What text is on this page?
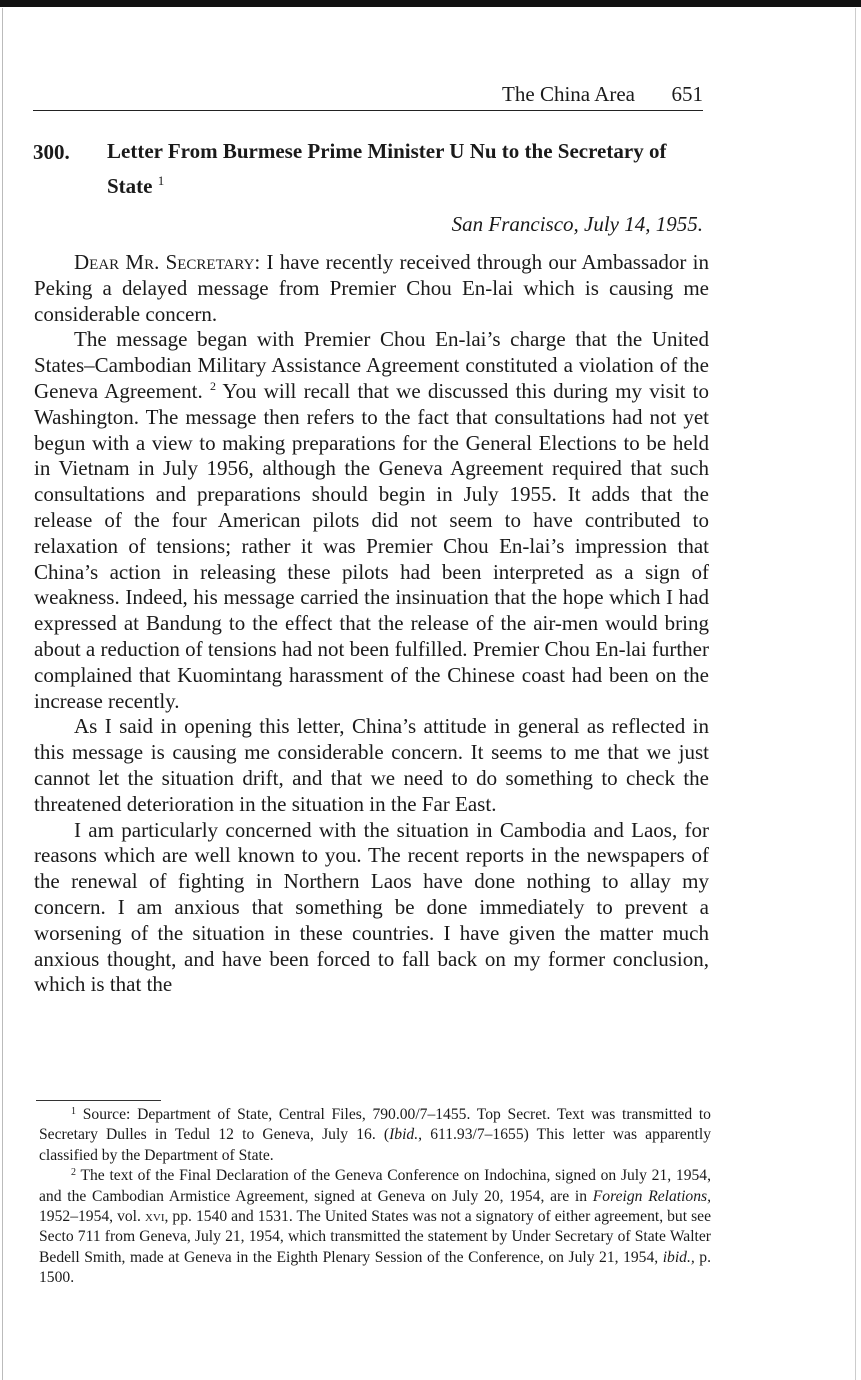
The China Area 651
300. Letter From Burmese Prime Minister U Nu to the Secretary of State $^1$
San Francisco, July 14, 1955.

Dear Mr. Secretary: I have recently received through our Ambassador in Peking a delayed message from Premier Chou En-lai which is causing me considerable concern.

The message began with Premier Chou En-lai’s charge that the United States–Cambodian Military Assistance Agreement constituted a violation of the Geneva Agreement. $^2$ You will recall that we discussed this during my visit to Washington. The message then refers to the fact that consultations had not yet begun with a view to making preparations for the General Elections to be held in Vietnam in July 1956, although the Geneva Agreement required that such consultations and preparations should begin in July 1955. It adds that the release of the four American pilots did not seem to have contributed to relaxation of tensions; rather it was Premier Chou En-lai’s impression that China’s action in releasing these pilots had been interpreted as a sign of weakness. Indeed, his message carried the insinuation that the hope which I had expressed at Bandung to the effect that the release of the air-men would bring about a reduction of tensions had not been fulfilled. Premier Chou En-lai further complained that Kuomintang harassment of the Chinese coast had been on the increase recently.

As I said in opening this letter, China’s attitude in general as reflected in this message is causing me considerable concern. It seems to me that we just cannot let the situation drift, and that we need to do something to check the threatened deterioration in the situation in the Far East.

I am particularly concerned with the situation in Cambodia and Laos, for reasons which are well known to you. The recent reports in the newspapers of the renewal of fighting in Northern Laos have done nothing to allay my concern. I am anxious that something be done immediately to prevent a worsening of the situation in these countries. I have given the matter much anxious thought, and have been forced to fall back on my former conclusion, which is that the

$^1$ Source: Department of State, Central Files, 790.00/7–1455. Top Secret. Text was transmitted to Secretary Dulles in Tedul 12 to Geneva, July 16. (Ibid., 611.93/7–1655) This letter was apparently classified by the Department of State.

$^2$ The text of the Final Declaration of the Geneva Conference on Indochina, signed on July 21, 1954, and the Cambodian Armistice Agreement, signed at Geneva on July 20, 1954, are in Foreign Relations, 1952–1954, vol. xvi, pp. 1540 and 1531. The United States was not a signatory of either agreement, but see Secto 711 from Geneva, July 21, 1954, which transmitted the statement by Under Secretary of State Walter Bedell Smith, made at Geneva in the Eighth Plenary Session of the Conference, on July 21, 1954, ibid., p. 1500.
